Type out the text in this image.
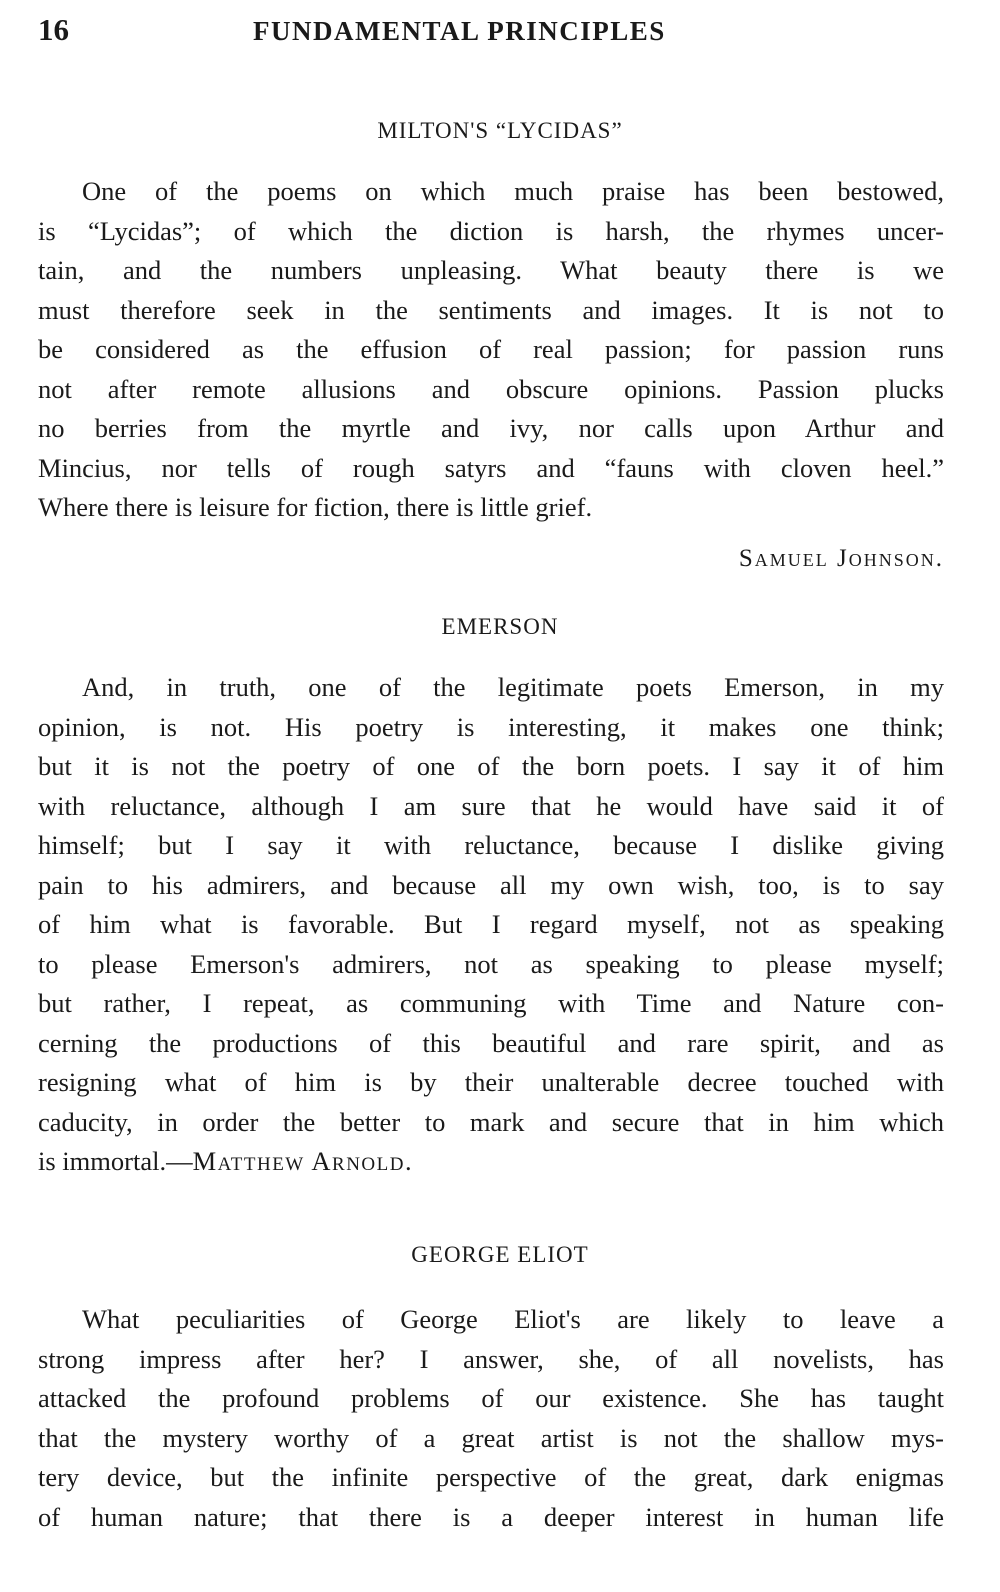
16	FUNDAMENTAL PRINCIPLES
MILTON'S “LYCIDAS”
One of the poems on which much praise has been bestowed,
is “Lycidas”; of which the diction is harsh, the rhymes uncer-
tain, and the numbers unpleasing. What beauty there is we
must therefore seek in the sentiments and images. It is not to
be considered as the effusion of real passion; for passion runs
not after remote allusions and obscure opinions. Passion plucks
no berries from the myrtle and ivy, nor calls upon Arthur and
Mincius, nor tells of rough satyrs and “fauns with cloven heel.”
Where there is leisure for fiction, there is little grief.
Samuel Johnson.
EMERSON
And, in truth, one of the legitimate poets Emerson, in my
opinion, is not. His poetry is interesting, it makes one think;
but it is not the poetry of one of the born poets. I say it of him
with reluctance, although I am sure that he would have said it of
himself; but I say it with reluctance, because I dislike giving
pain to his admirers, and because all my own wish, too, is to say
of him what is favorable. But I regard myself, not as speaking
to please Emerson's admirers, not as speaking to please myself;
but rather, I repeat, as communing with Time and Nature con-
cerning the productions of this beautiful and rare spirit, and as
resigning what of him is by their unalterable decree touched with
caducity, in order the better to mark and secure that in him which
is immortal.—Matthew Arnold.
GEORGE ELIOT
What peculiarities of George Eliot's are likely to leave a
strong impress after her? I answer, she, of all novelists, has
attacked the profound problems of our existence. She has taught
that the mystery worthy of a great artist is not the shallow mys-
tery device, but the infinite perspective of the great, dark enigmas
of human nature; that there is a deeper interest in human life
